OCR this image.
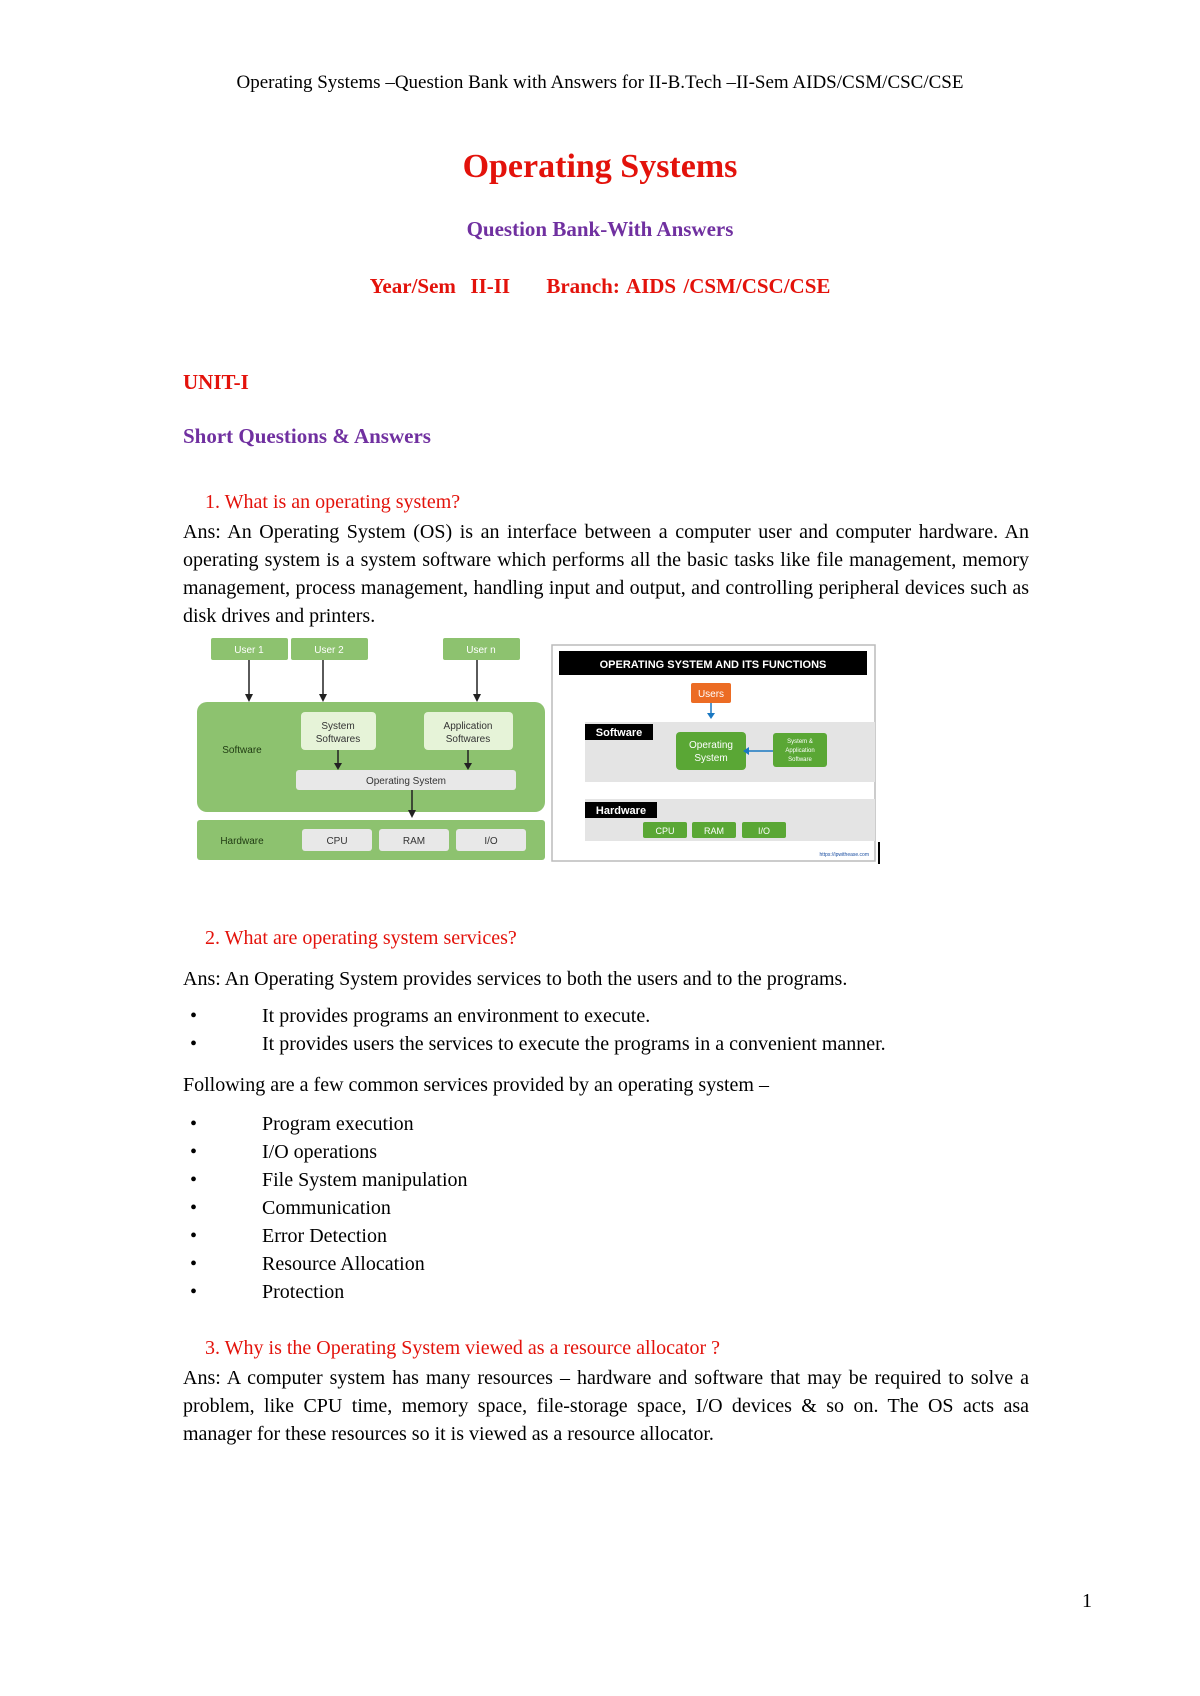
Operating Systems –Question Bank with Answers for II-B.Tech –II-Sem AIDS/CSM/CSC/CSE
Operating Systems
Question Bank-With Answers
Year/Sem  II-II     Branch: AIDS /CSM/CSC/CSE
UNIT-I
Short Questions & Answers
1. What is an operating system?
Ans: An Operating System (OS) is an interface between a computer user and computer hardware. An operating system is a system software which performs all the basic tasks like file management, memory management, process management, handling input and output, and controlling peripheral devices such as disk drives and printers.
User 1	User 2	User n
Software
System
Softwares
Application
Softwares
Operating System
Hardware	CPU	RAM	I/O
OPERATING SYSTEM AND ITS FUNCTIONS
Users
Software
Operating
System
System &
Application
Software
Hardware
CPU	RAM	I/O
https://ipwithease.com
2. What are operating system services?
Ans: An Operating System provides services to both the users and to the programs.
•	It provides programs an environment to execute.
•	It provides users the services to execute the programs in a convenient manner.
Following are a few common services provided by an operating system –
•	Program execution
•	I/O operations
•	File System manipulation
•	Communication
•	Error Detection
•	Resource Allocation
•	Protection
3. Why is the Operating System viewed as a resource allocator ?
Ans: A computer system has many resources – hardware and software that may be required to solve a problem, like CPU time, memory space, file-storage space, I/O devices & so on. The OS acts asa manager for these resources so it is viewed as a resource allocator.
1
